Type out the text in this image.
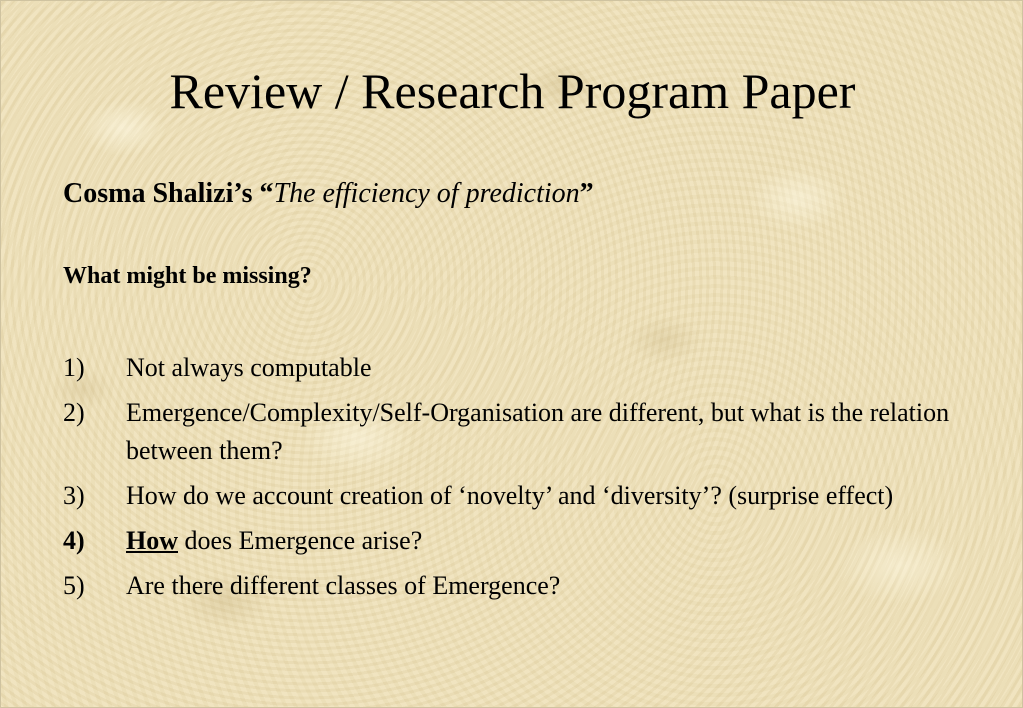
Review / Research Program Paper

Cosma Shalizi’s “The efficiency of prediction”

What might be missing?

1)	Not always computable
2)	Emergence/Complexity/Self-Organisation are different, but what is the relation between them?
3)	How do we account creation of ‘novelty’ and ‘diversity’? (surprise effect)
4)	How does Emergence arise?
5)	Are there different classes of Emergence?
